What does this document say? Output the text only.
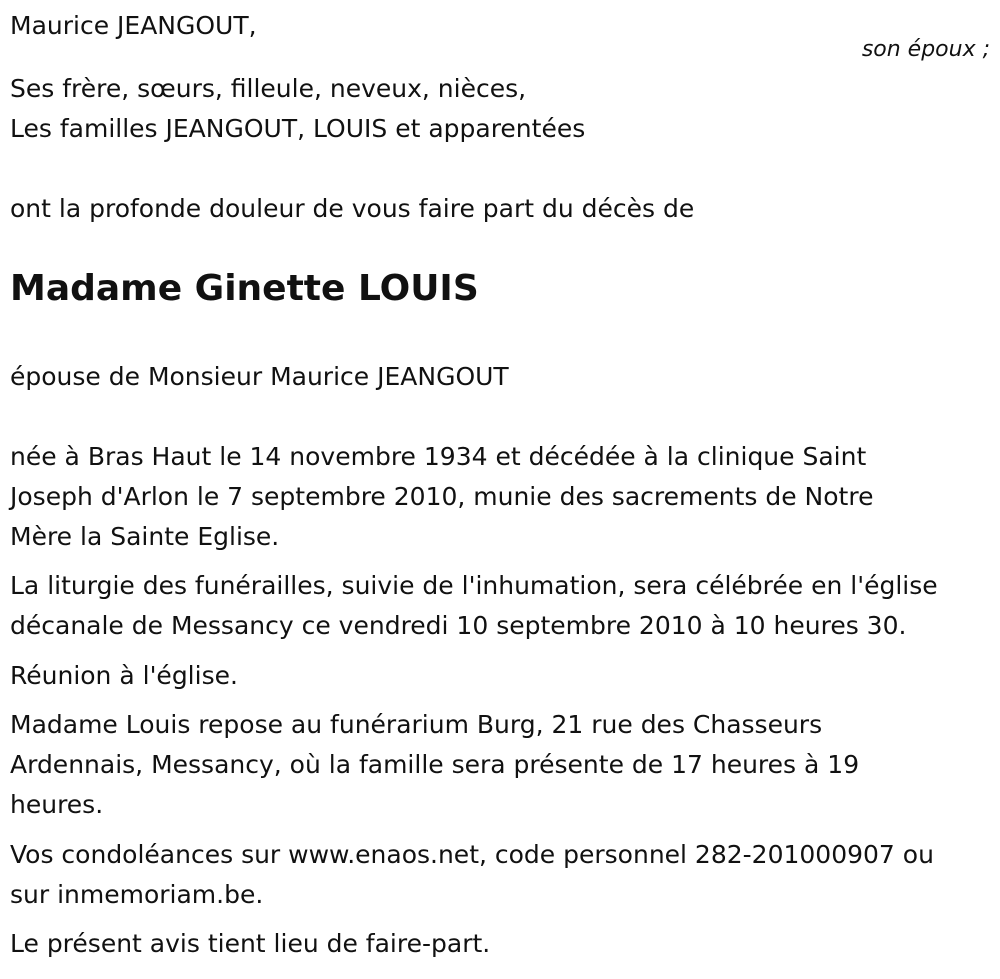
Maurice JEANGOUT,

son époux ;

Ses frère, sœurs, filleule, neveux, nièces,

Les familles JEANGOUT, LOUIS et apparentées

ont la profonde douleur de vous faire part du décès de

Madame Ginette LOUIS

épouse de Monsieur Maurice JEANGOUT

née à Bras Haut le 14 novembre 1934 et décédée à la clinique Saint

Joseph d'Arlon le 7 septembre 2010, munie des sacrements de Notre

Mère la Sainte Eglise.

La liturgie des funérailles, suivie de l'inhumation, sera célébrée en l'église

décanale de Messancy ce vendredi 10 septembre 2010 à 10 heures 30.

Réunion à l'église.

Madame Louis repose au funérarium Burg, 21 rue des Chasseurs

Ardennais, Messancy, où la famille sera présente de 17 heures à 19

heures.

Vos condoléances sur www.enaos.net, code personnel 282-201000907 ou

sur inmemoriam.be.

Le présent avis tient lieu de faire-part.
